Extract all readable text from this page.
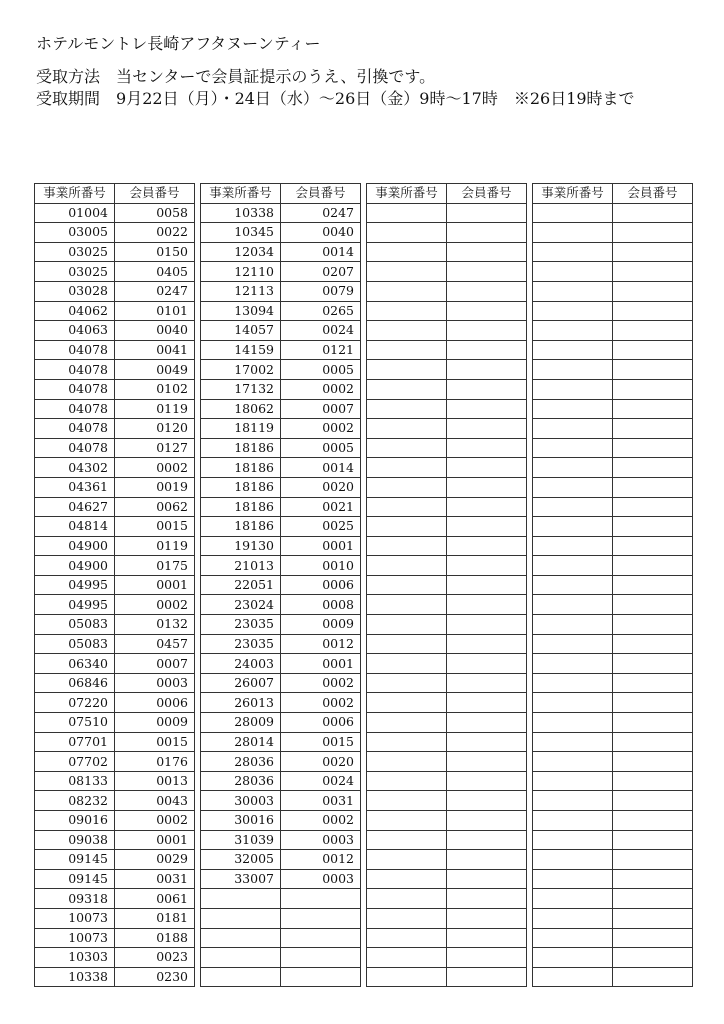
ホテルモントレ長崎アフタヌーンティー
受取方法　 当センターで会員証提示のうえ、引換です。
受取期間　 9月22日（月）・24日（水）〜26日（金）9時〜17時　※26日19時まで
事業所番号	会員番号
01004	0058
03005	0022
03025	0150
03025	0405
03028	0247
04062	0101
04063	0040
04078	0041
04078	0049
04078	0102
04078	0119
04078	0120
04078	0127
04302	0002
04361	0019
04627	0062
04814	0015
04900	0119
04900	0175
04995	0001
04995	0002
05083	0132
05083	0457
06340	0007
06846	0003
07220	0006
07510	0009
07701	0015
07702	0176
08133	0013
08232	0043
09016	0002
09038	0001
09145	0029
09145	0031
09318	0061
10073	0181
10073	0188
10303	0023
10338	0230
事業所番号	会員番号
10338	0247
10345	0040
12034	0014
12110	0207
12113	0079
13094	0265
14057	0024
14159	0121
17002	0005
17132	0002
18062	0007
18119	0002
18186	0005
18186	0014
18186	0020
18186	0021
18186	0025
19130	0001
21013	0010
22051	0006
23024	0008
23035	0009
23035	0012
24003	0001
26007	0002
26013	0002
28009	0006
28014	0015
28036	0020
28036	0024
30003	0031
30016	0002
31039	0003
32005	0012
33007	0003

事業所番号	会員番号

	事業所番号	会員番号
